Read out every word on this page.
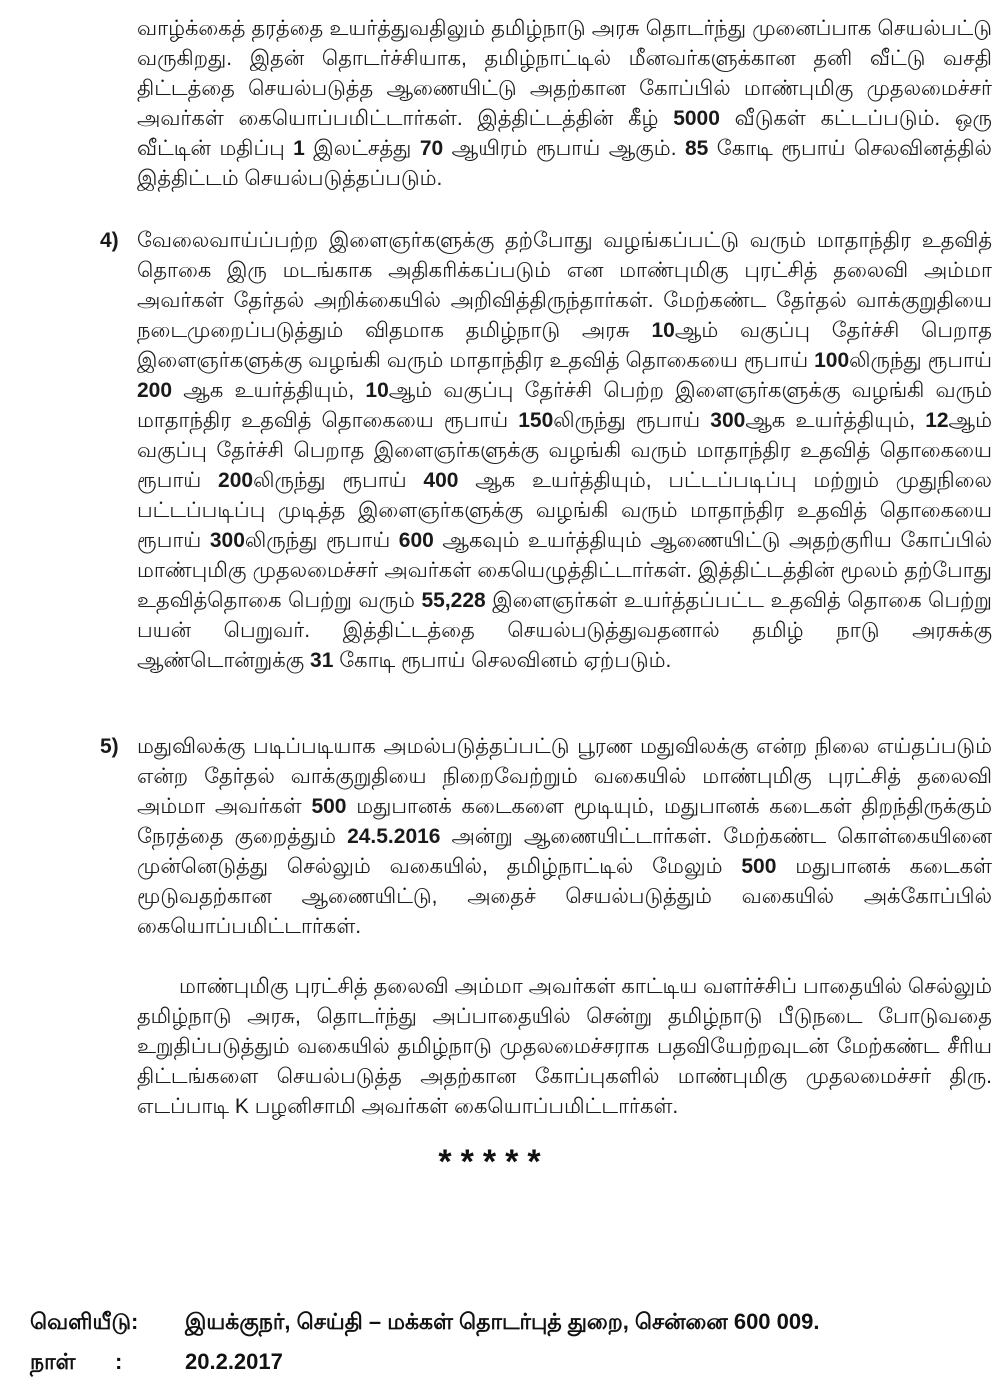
வாழ்க்கைத் தரத்தை உயர்த்துவதிலும் தமிழ்நாடு அரசு தொடர்ந்து முனைப்பாக செயல்பட்டு வருகிறது. இதன் தொடர்ச்சியாக, தமிழ்நாட்டில் மீனவர்களுக்கான தனி வீட்டு வசதி திட்டத்தை செயல்படுத்த ஆணையிட்டு அதற்கான கோப்பில் மாண்புமிகு முதலமைச்சர் அவர்கள் கையொப்பமிட்டார்கள். இத்திட்டத்தின் கீழ் 5000 வீடுகள் கட்டப்படும். ஒரு வீட்டின் மதிப்பு 1 இலட்சத்து 70 ஆயிரம் ரூபாய் ஆகும். 85 கோடி ரூபாய் செலவினத்தில் இத்திட்டம் செயல்படுத்தப்படும்.

4) வேலைவாய்ப்பற்ற இளைஞர்களுக்கு தற்போது வழங்கப்பட்டு வரும் மாதாந்திர உதவித் தொகை இரு மடங்காக அதிகரிக்கப்படும் என மாண்புமிகு புரட்சித் தலைவி அம்மா அவர்கள் தேர்தல் அறிக்கையில் அறிவித்திருந்தார்கள். மேற்கண்ட தேர்தல் வாக்குறுதியை நடைமுறைப்படுத்தும் விதமாக தமிழ்நாடு அரசு 10ஆம் வகுப்பு தேர்ச்சி பெறாத இளைஞர்களுக்கு வழங்கி வரும் மாதாந்திர உதவித் தொகையை ரூபாய் 100லிருந்து ரூபாய் 200 ஆக உயர்த்தியும், 10ஆம் வகுப்பு தேர்ச்சி பெற்ற இளைஞர்களுக்கு வழங்கி வரும் மாதாந்திர உதவித் தொகையை ரூபாய் 150லிருந்து ரூபாய் 300ஆக உயர்த்தியும், 12ஆம் வகுப்பு தேர்ச்சி பெறாத இளைஞர்களுக்கு வழங்கி வரும் மாதாந்திர உதவித் தொகையை ரூபாய் 200லிருந்து ரூபாய் 400 ஆக உயர்த்தியும், பட்டப்படிப்பு மற்றும் முதுநிலை பட்டப்படிப்பு முடித்த இளைஞர்களுக்கு வழங்கி வரும் மாதாந்திர உதவித் தொகையை ரூபாய் 300லிருந்து ரூபாய் 600 ஆகவும் உயர்த்தியும் ஆணையிட்டு அதற்குரிய கோப்பில் மாண்புமிகு முதலமைச்சர் அவர்கள் கையெழுத்திட்டார்கள். இத்திட்டத்தின் மூலம் தற்போது உதவித்தொகை பெற்று வரும் 55,228 இளைஞர்கள் உயர்த்தப்பட்ட உதவித் தொகை பெற்று பயன் பெறுவர். இத்திட்டத்தை செயல்படுத்துவதனால் தமிழ் நாடு அரசுக்கு ஆண்டொன்றுக்கு 31 கோடி ரூபாய் செலவினம் ஏற்படும்.

5) மதுவிலக்கு படிப்படியாக அமல்படுத்தப்பட்டு பூரண மதுவிலக்கு என்ற நிலை எய்தப்படும் என்ற தேர்தல் வாக்குறுதியை நிறைவேற்றும் வகையில் மாண்புமிகு புரட்சித் தலைவி அம்மா அவர்கள் 500 மதுபானக் கடைகளை மூடியும், மதுபானக் கடைகள் திறந்திருக்கும் நேரத்தை குறைத்தும் 24.5.2016 அன்று ஆணையிட்டார்கள். மேற்கண்ட கொள்கையினை முன்னெடுத்து செல்லும் வகையில், தமிழ்நாட்டில் மேலும் 500 மதுபானக் கடைகள் மூடுவதற்கான ஆணையிட்டு, அதைச் செயல்படுத்தும் வகையில் அக்கோப்பில் கையொப்பமிட்டார்கள்.

மாண்புமிகு புரட்சித் தலைவி அம்மா அவர்கள் காட்டிய வளர்ச்சிப் பாதையில் செல்லும் தமிழ்நாடு அரசு, தொடர்ந்து அப்பாதையில் சென்று தமிழ்நாடு பீடுநடை போடுவதை உறுதிப்படுத்தும் வகையில் தமிழ்நாடு முதலமைச்சராக பதவியேற்றவுடன் மேற்கண்ட சீரிய திட்டங்களை செயல்படுத்த அதற்கான கோப்புகளில் மாண்புமிகு முதலமைச்சர் திரு. எடப்பாடி K பழனிசாமி அவர்கள் கையொப்பமிட்டார்கள்.

*****
வெளியீடு:	இயக்குநர், செய்தி – மக்கள் தொடர்புத் துறை, சென்னை 600 009.
நாள்	:	20.2.2017
